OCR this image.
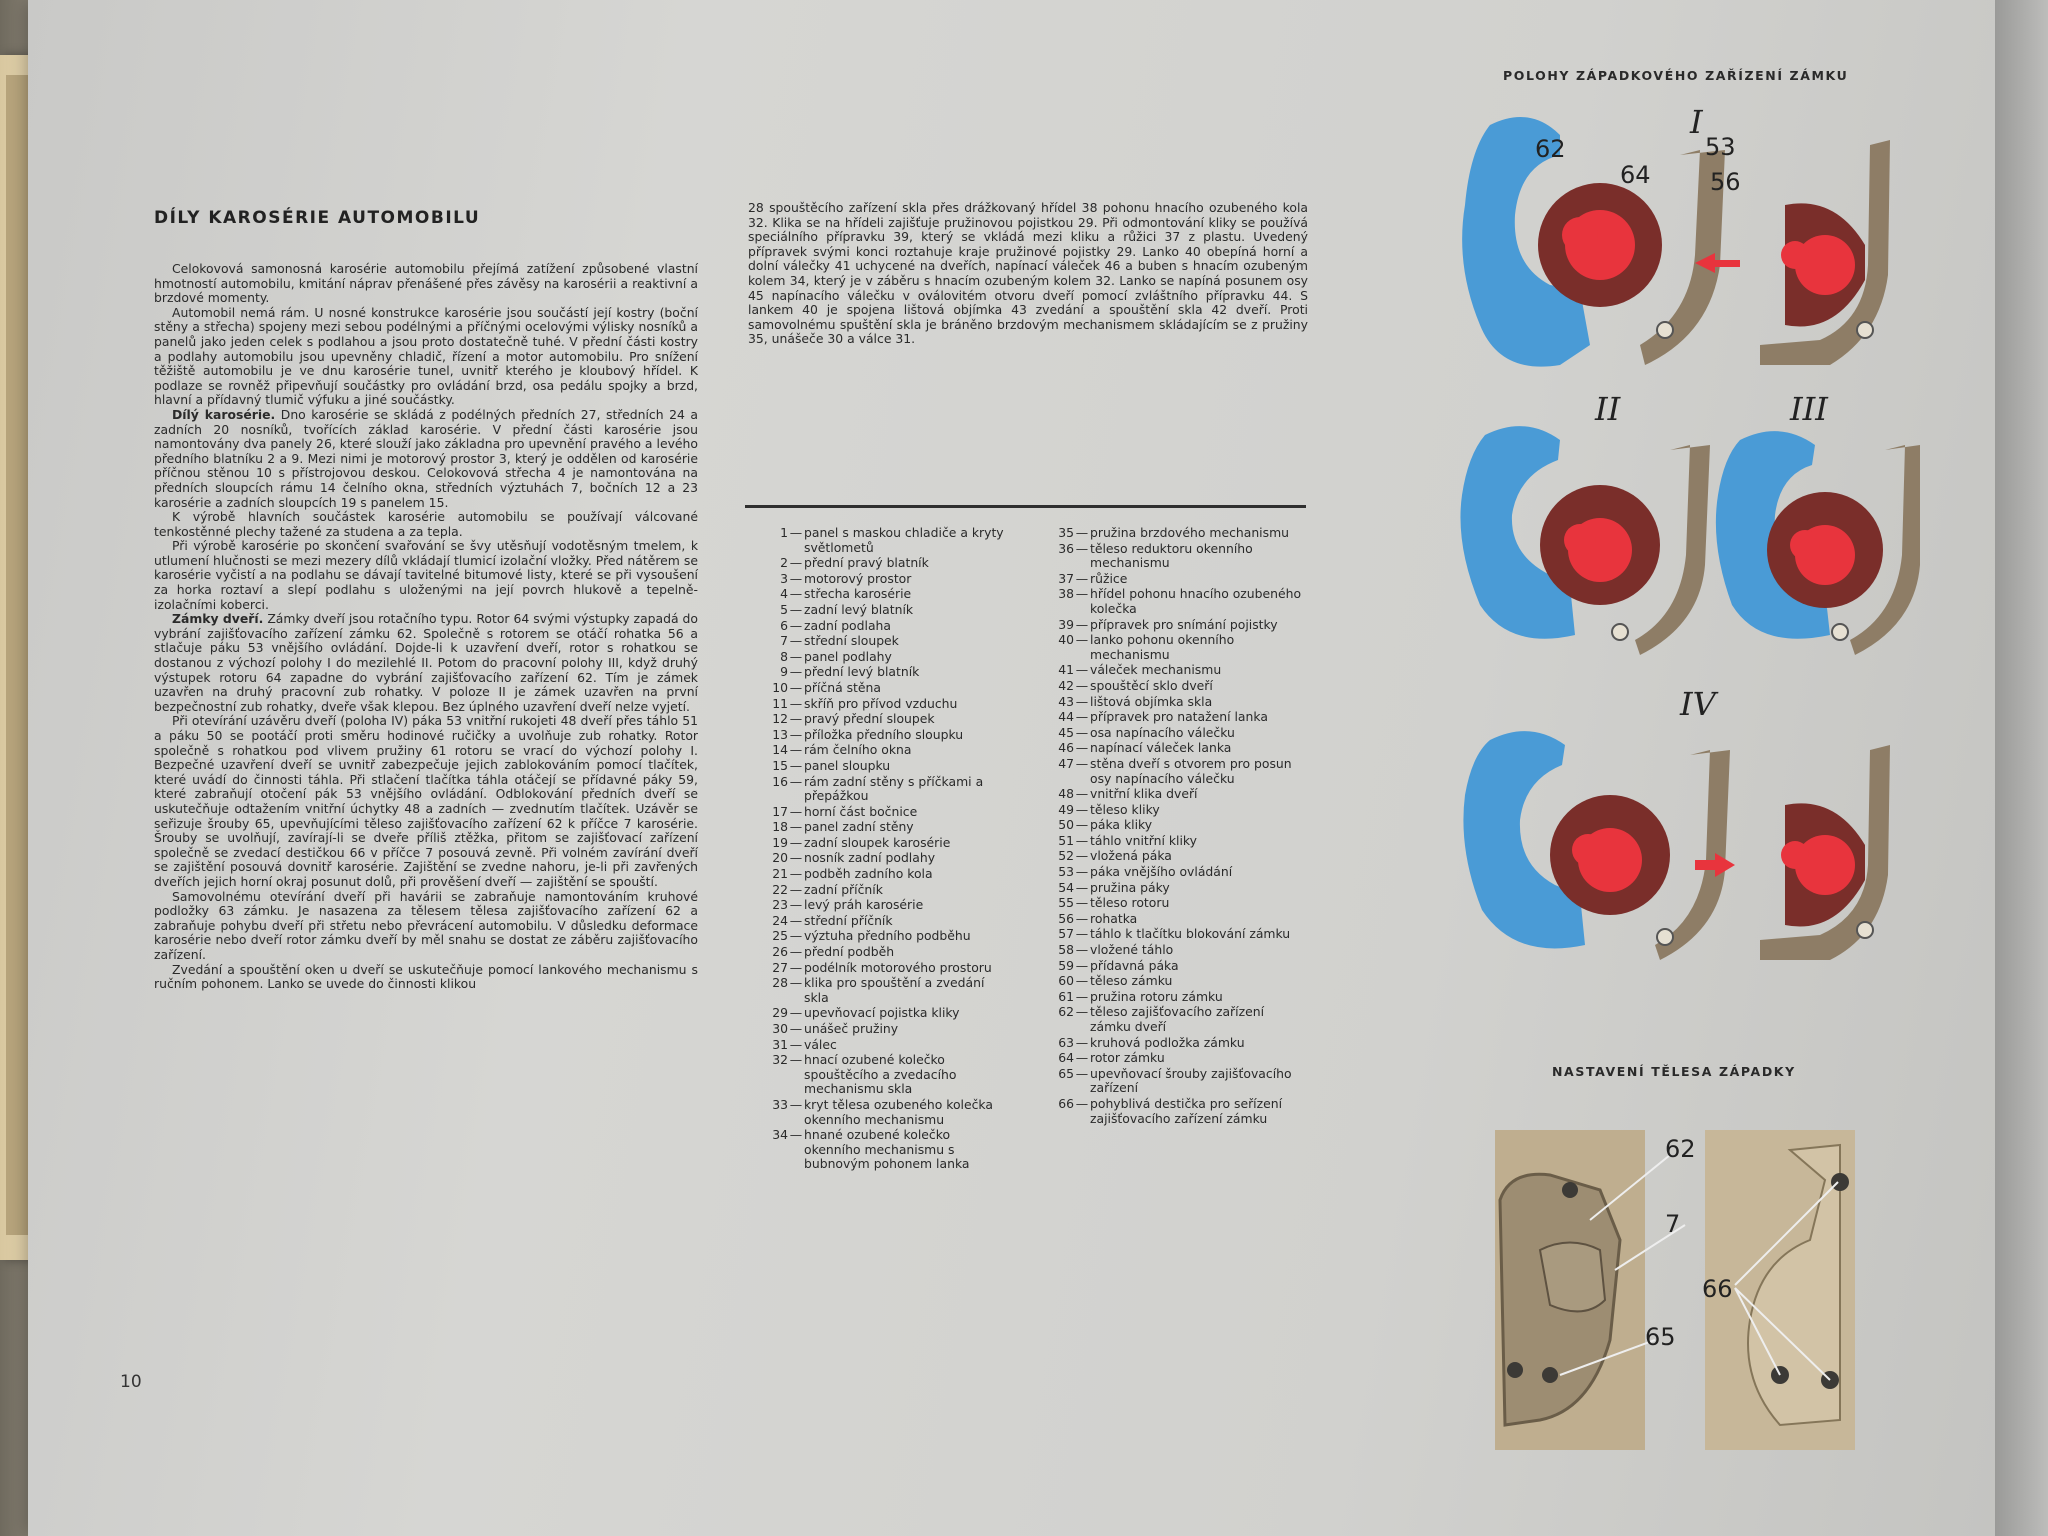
DÍLY KAROSÉRIE AUTOMOBILU

Celokovová samonosná karosérie automobilu přejímá zatížení způsobené vlastní hmotností automobilu, kmitání náprav přenášené přes závěsy na karosérii a reaktivní a brzdové momenty.

Automobil nemá rám. U nosné konstrukce karosérie jsou součástí její kostry (boční stěny a střecha) spojeny mezi sebou podélnými a příčnými ocelovými výlisky nosníků a panelů jako jeden celek s podlahou a jsou proto dostatečně tuhé. V přední části kostry a podlahy automobilu jsou upevněny chladič, řízení a motor automobilu. Pro snížení těžiště automobilu je ve dnu karosérie tunel, uvnitř kterého je kloubový hřídel. K podlaze se rovněž připevňují součástky pro ovládání brzd, osa pedálu spojky a brzd, hlavní a přídavný tlumič výfuku a jiné součástky.

Dílý karosérie. Dno karosérie se skládá z podélných předních 27, středních 24 a zadních 20 nosníků, tvořících základ karosérie. V přední části karosérie jsou namontovány dva panely 26, které slouží jako základna pro upevnění pravého a levého předního blatníku 2 a 9. Mezi nimi je motorový prostor 3, který je oddělen od karosérie příčnou stěnou 10 s přístrojovou deskou. Celokovová střecha 4 je namontována na předních sloupcích rámu 14 čelního okna, středních výztuhách 7, bočních 12 a 23 karosérie a zadních sloupcích 19 s panelem 15.

K výrobě hlavních součástek karosérie automobilu se používají válcované tenkostěnné plechy tažené za studena a za tepla.

Při výrobě karosérie po skončení svařování se švy utěsňují vodotěsným tmelem, k utlumení hlučnosti se mezi mezery dílů vkládají tlumicí izolační vložky. Před nátěrem se karosérie vyčistí a na podlahu se dávají tavitelné bitumové listy, které se při vysoušení za horka roztaví a slepí podlahu s uloženými na její povrch hlukově a tepelně-izolačními koberci.

Zámky dveří. Zámky dveří jsou rotačního typu. Rotor 64 svými výstupky zapadá do vybrání zajišťovacího zařízení zámku 62. Společně s rotorem se otáčí rohatka 56 a stlačuje páku 53 vnějšího ovládání. Dojde-li k uzavření dveří, rotor s rohatkou se dostanou z výchozí polohy I do mezilehlé II. Potom do pracovní polohy III, když druhý výstupek rotoru 64 zapadne do vybrání zajišťovacího zařízení 62. Tím je zámek uzavřen na druhý pracovní zub rohatky. V poloze II je zámek uzavřen na první bezpečnostní zub rohatky, dveře však klepou. Bez úplného uzavření dveří nelze vyjetí.

Při otevírání uzávěru dveří (poloha IV) páka 53 vnitřní rukojeti 48 dveří přes táhlo 51 a páku 50 se pootáčí proti směru hodinové ručičky a uvolňuje zub rohatky. Rotor společně s rohatkou pod vlivem pružiny 61 rotoru se vrací do výchozí polohy I. Bezpečné uzavření dveří se uvnitř zabezpečuje jejich zablokováním pomocí tlačítek, které uvádí do činnosti táhla. Při stlačení tlačítka táhla otáčejí se přídavné páky 59, které zabraňují otočení pák 53 vnějšího ovládání. Odblokování předních dveří se uskutečňuje odtažením vnitřní úchytky 48 a zadních — zvednutím tlačítek. Uzávěr se seřizuje šrouby 65, upevňujícími těleso zajišťovacího zařízení 62 k příčce 7 karosérie. Šrouby se uvolňují, zavírají-li se dveře příliš ztěžka, přitom se zajišťovací zařízení společně se zvedací destičkou 66 v příčce 7 posouvá zevně. Při volném zavírání dveří se zajištění posouvá dovnitř karosérie. Zajištění se zvedne nahoru, je-li při zavřených dveřích jejich horní okraj posunut dolů, při prověšení dveří — zajištění se spouští.

Samovolnému otevírání dveří při havárii se zabraňuje namontováním kruhové podložky 63 zámku. Je nasazena za tělesem tělesa zajišťovacího zařízení 62 a zabraňuje pohybu dveří při střetu nebo převrácení automobilu. V důsledku deformace karosérie nebo dveří rotor zámku dveří by měl snahu se dostat ze záběru zajišťovacího zařízení.

Zvedání a spouštění oken u dveří se uskutečňuje pomocí lankového mechanismu s ručním pohonem. Lanko se uvede do činnosti klikou

28 spouštěcího zařízení skla přes drážkovaný hřídel 38 pohonu hnacího ozubeného kola 32. Klika se na hřídeli zajišťuje pružinovou pojistkou 29. Při odmontování kliky se používá speciálního přípravku 39, který se vkládá mezi kliku a růžici 37 z plastu. Uvedený přípravek svými konci roztahuje kraje pružinové pojistky 29. Lanko 40 obepíná horní a dolní válečky 41 uchycené na dveřích, napínací váleček 46 a buben s hnacím ozubeným kolem 34, který je v záběru s hnacím ozubeným kolem 32. Lanko se napíná posunem osy 45 napínacího válečku v oválovitém otvoru dveří pomocí zvláštního přípravku 44. S lankem 40 je spojena lištová objímka 43 zvedání a spouštění skla 42 dveří. Proti samovolnému spuštění skla je bráněno brzdovým mechanismem skládajícím se z pružiny 35, unášeče 30 a válce 31.

1 — panel s maskou chladiče a kryty světlometů
2 — přední pravý blatník
3 — motorový prostor
4 — střecha karosérie
5 — zadní levý blatník
6 — zadní podlaha
7 — střední sloupek
8 — panel podlahy
9 — přední levý blatník
10 — příčná stěna
11 — skříň pro přívod vzduchu
12 — pravý přední sloupek
13 — příložka předního sloupku
14 — rám čelního okna
15 — panel sloupku
16 — rám zadní stěny s příčkami a přepážkou
17 — horní část bočnice
18 — panel zadní stěny
19 — zadní sloupek karosérie
20 — nosník zadní podlahy
21 — podběh zadního kola
22 — zadní příčník
23 — levý práh karosérie
24 — střední příčník
25 — výztuha předního podběhu
26 — přední podběh
27 — podélník motorového prostoru
28 — klika pro spouštění a zvedání skla
29 — upevňovací pojistka kliky
30 — unášeč pružiny
31 — válec
32 — hnací ozubené kolečko spouštěcího a zvedacího mechanismu skla
33 — kryt tělesa ozubeného kolečka okenního mechanismu
34 — hnané ozubené kolečko okenního mechanismu s bubnovým pohonem lanka
35 — pružina brzdového mechanismu
36 — těleso reduktoru okenního mechanismu
37 — růžice
38 — hřídel pohonu hnacího ozubeného kolečka
39 — přípravek pro snímání pojistky
40 — lanko pohonu okenního mechanismu
41 — váleček mechanismu
42 — spouštěcí sklo dveří
43 — lištová objímka skla
44 — přípravek pro natažení lanka
45 — osa napínacího válečku
46 — napínací váleček lanka
47 — stěna dveří s otvorem pro posun osy napínacího válečku
48 — vnitřní klika dveří
49 — těleso kliky
50 — páka kliky
51 — táhlo vnitřní kliky
52 — vložená páka
53 — páka vnějšího ovládání
54 — pružina páky
55 — těleso rotoru
56 — rohatka
57 — táhlo k tlačítku blokování zámku
58 — vložené táhlo
59 — přídavná páka
60 — těleso zámku
61 — pružina rotoru zámku
62 — těleso zajišťovacího zařízení zámku dveří
63 — kruhová podložka zámku
64 — rotor zámku
65 — upevňovací šrouby zajišťovacího zařízení
66 — pohyblivá destička pro seřízení zajišťovacího zařízení zámku
10
POLOHY ZÁPADKOVÉHO ZAŘÍZENÍ ZÁMKU
NASTAVENÍ TĚLESA ZÁPADKY
62
64
53
56
I
II	III
IV
62
7
65
66
